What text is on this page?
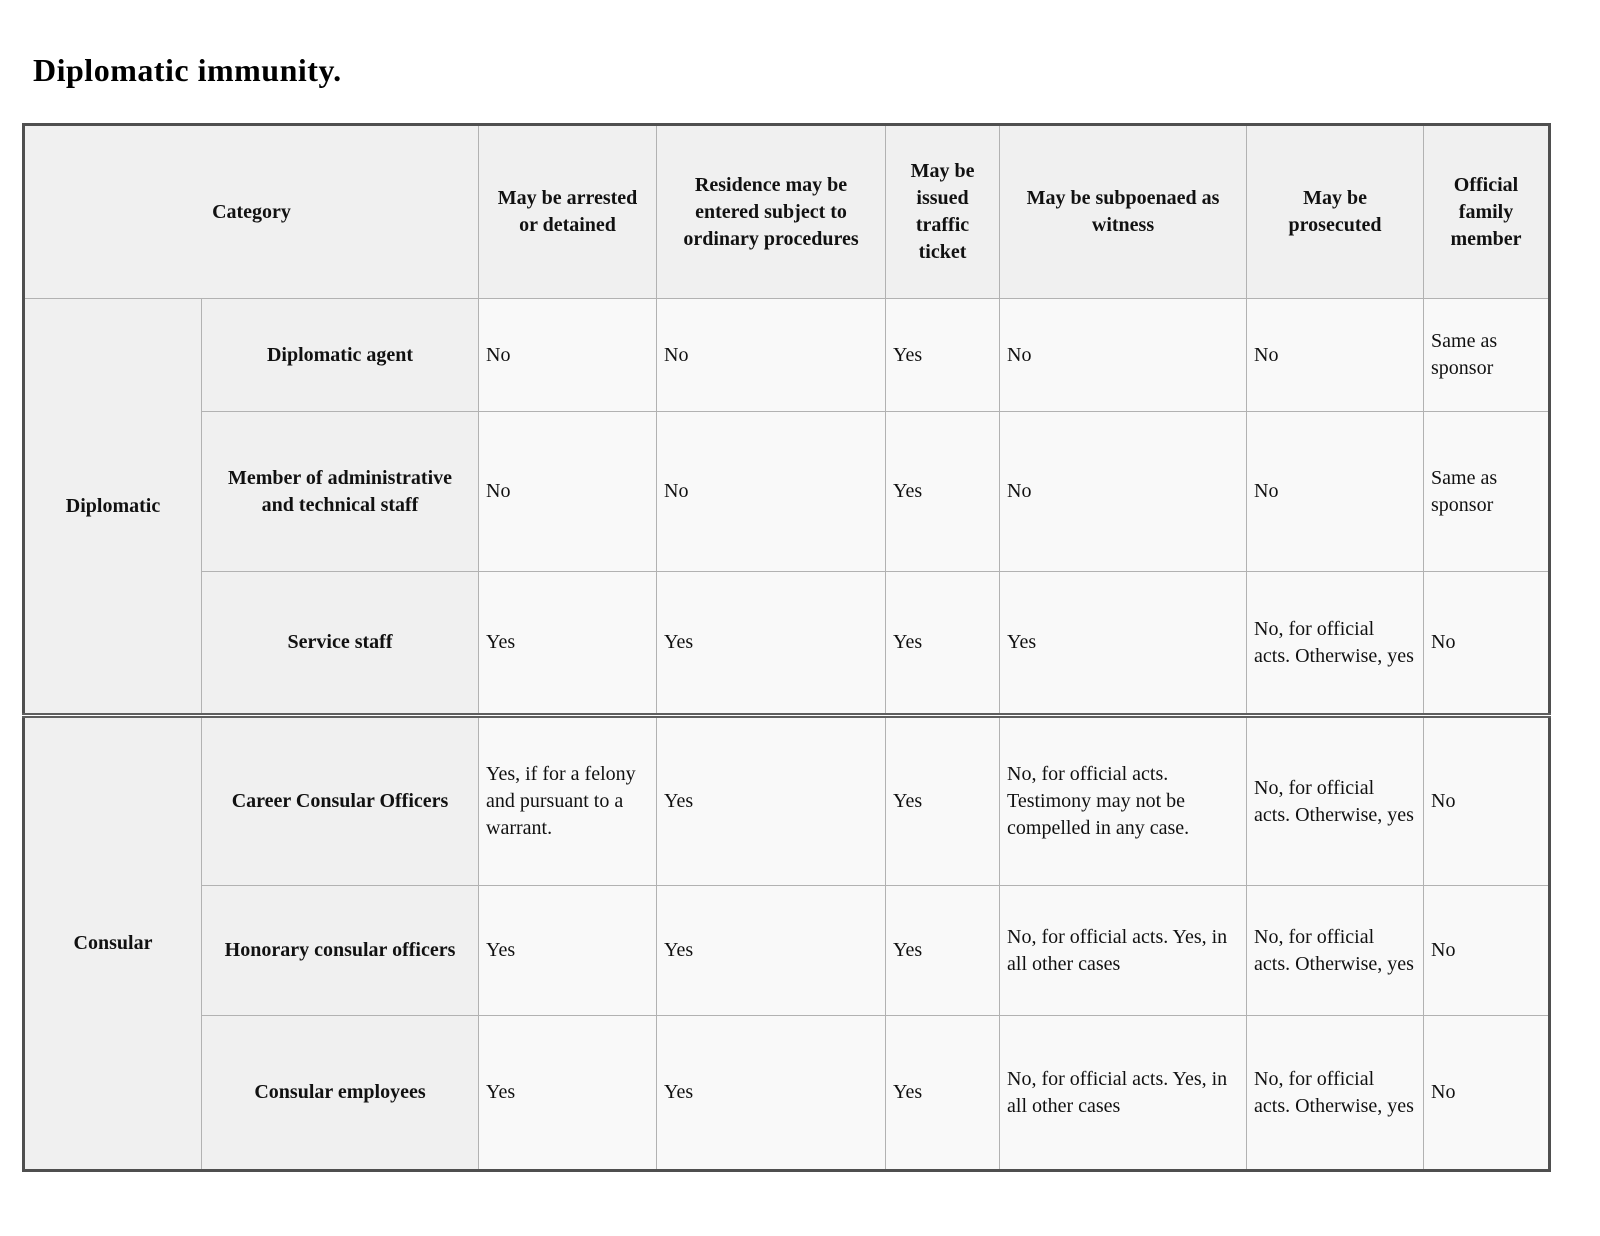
Diplomatic immunity.
Category		May be arrested or detained	Residence may be entered subject to ordinary procedures	May be issued traffic ticket	May be subpoenaed as witness	May be prosecuted	Official family member
Diplomatic	Diplomatic agent	No	No	Yes	No	No	Same as sponsor
	Member of administrative and technical staff	No	No	Yes	No	No	Same as sponsor
	Service staff	Yes	Yes	Yes	Yes	No, for official acts. Otherwise, yes	No
Consular	Career Consular Officers	Yes, if for a felony and pursuant to a warrant.	Yes	Yes	No, for official acts. Testimony may not be compelled in any case.	No, for official acts. Otherwise, yes	No
	Honorary consular officers	Yes	Yes	Yes	No, for official acts. Yes, in all other cases	No, for official acts. Otherwise, yes	No
	Consular employees	Yes	Yes	Yes	No, for official acts. Yes, in all other cases	No, for official acts. Otherwise, yes	No
